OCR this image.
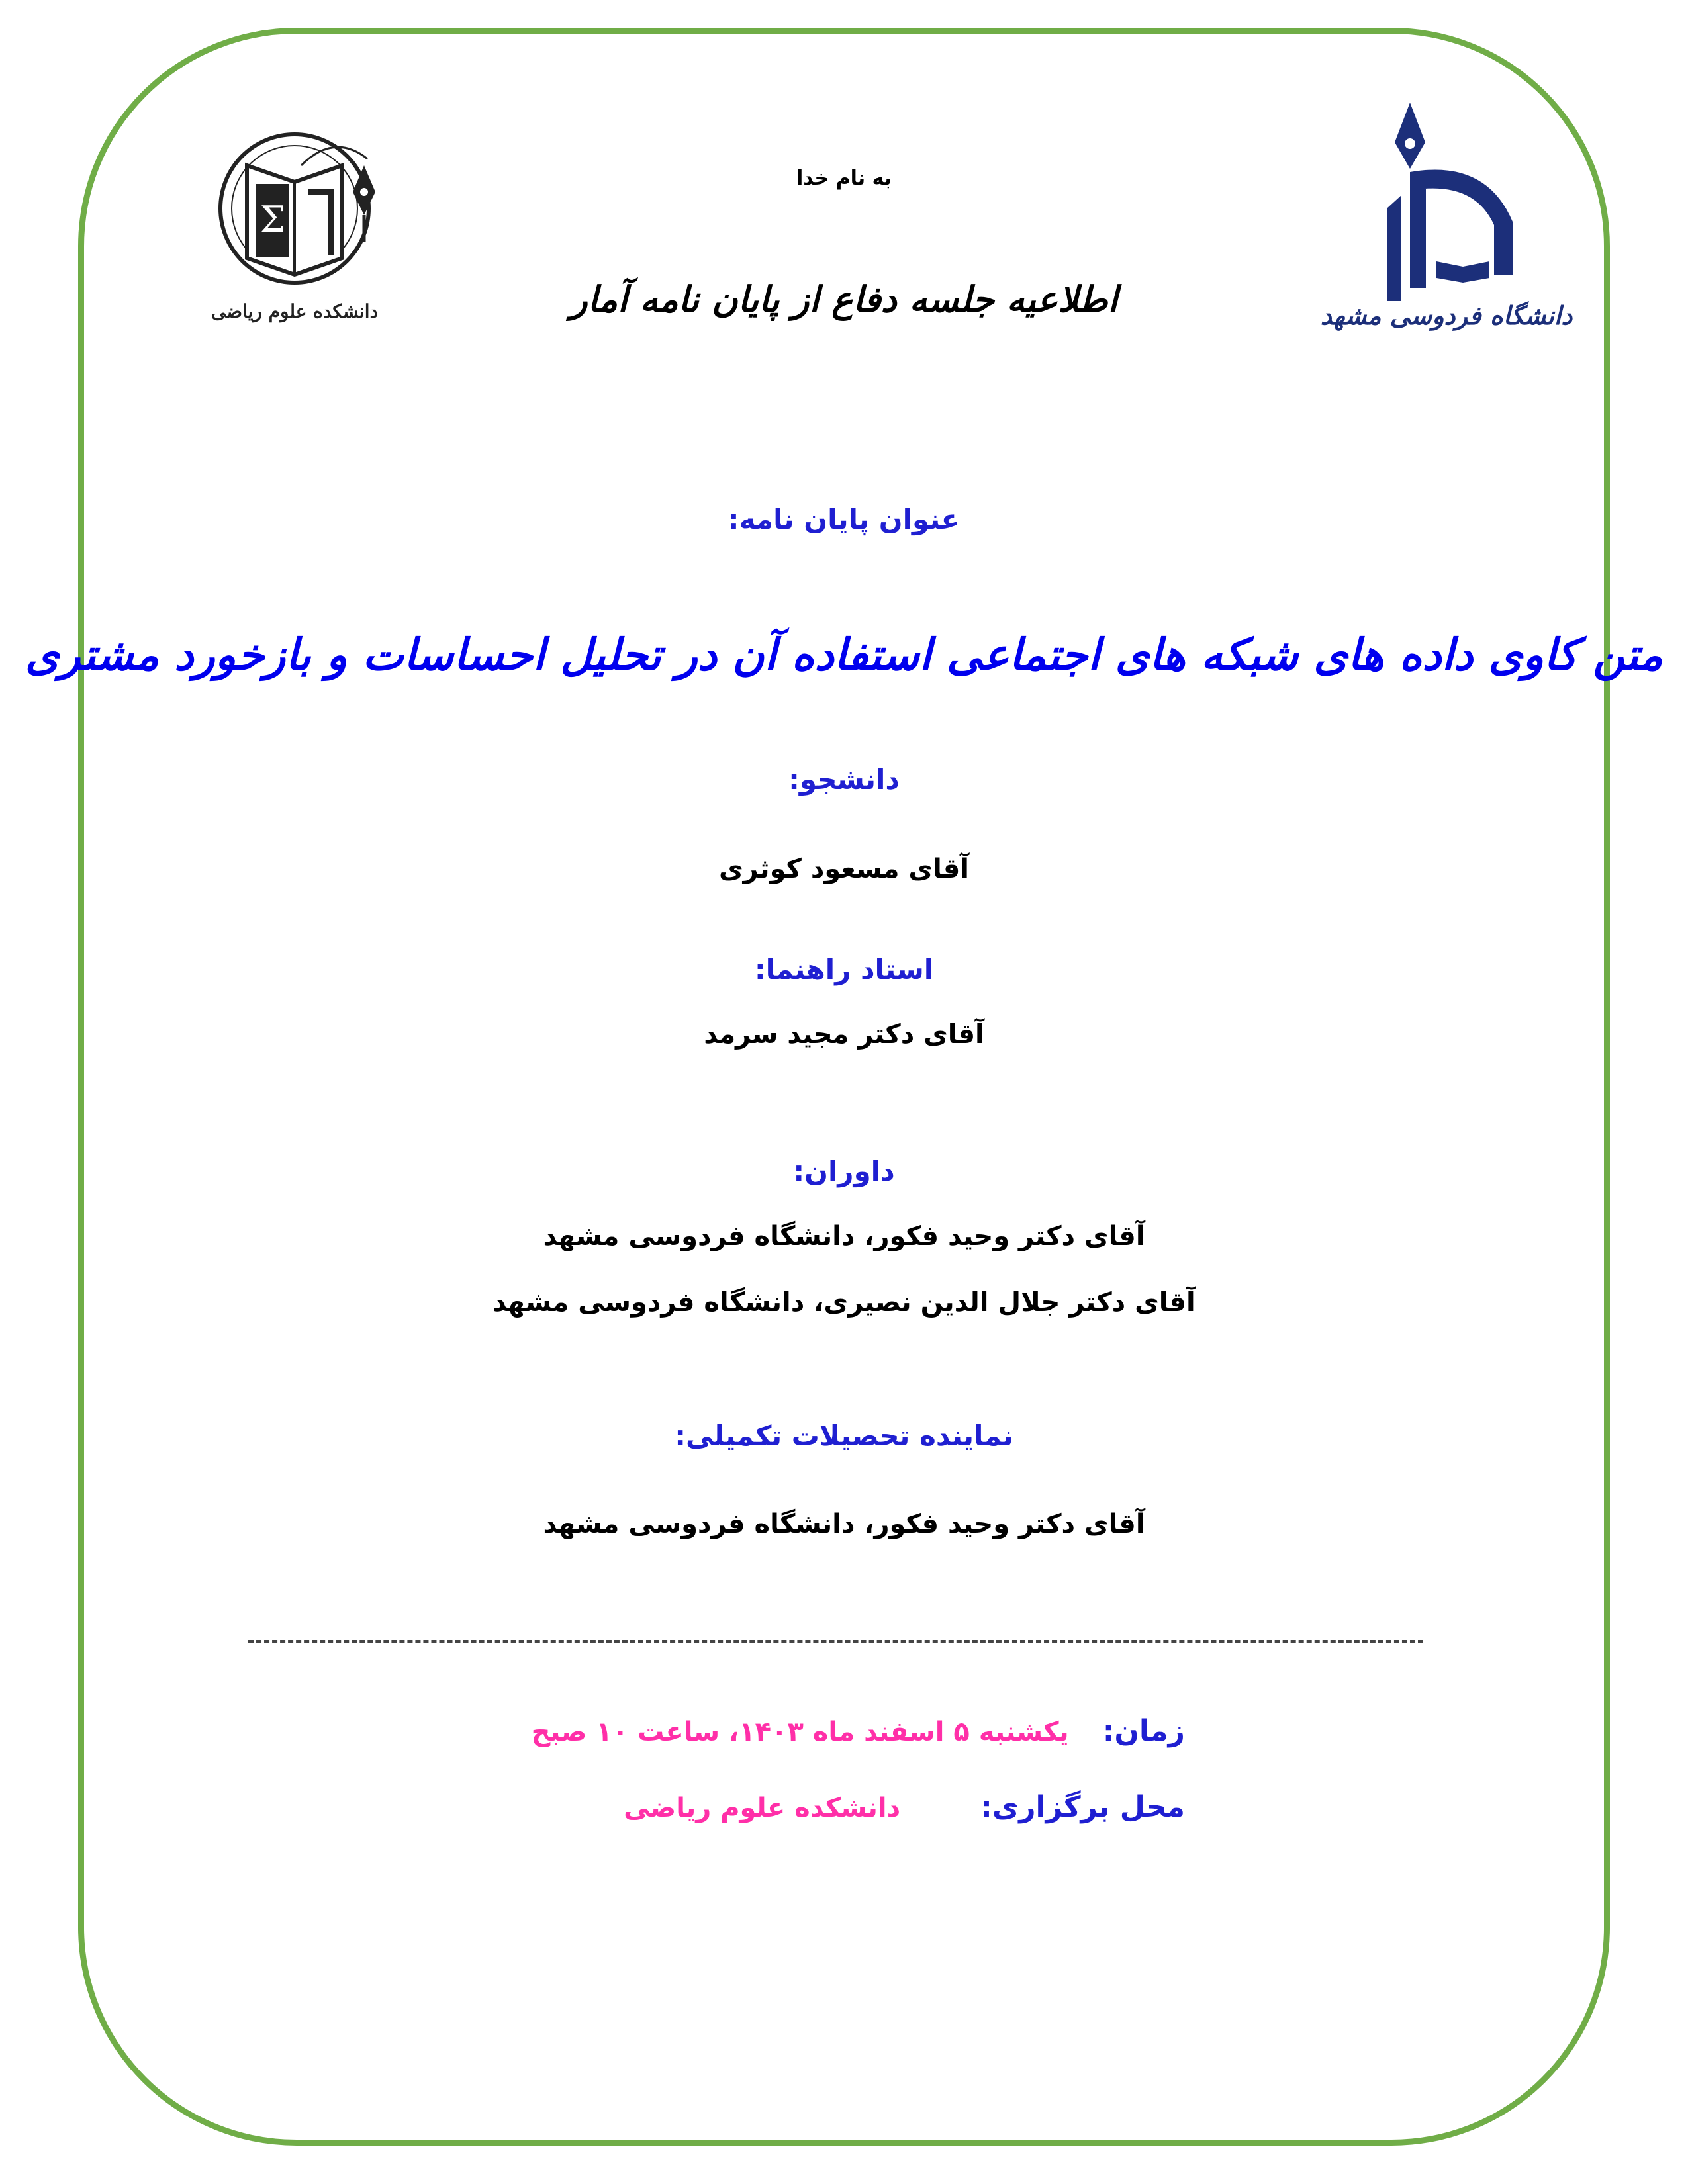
Σ
دانشکده علوم ریاضی	دانشگاه فردوسی مشهد
به نام خدا
اطلاعیه جلسه دفاع از پایان نامه آمار
عنوان پایان نامه:
متن کاوی داده های شبکه های اجتماعی استفاده آن در تحلیل احساسات و بازخورد مشتری
دانشجو:
آقای مسعود کوثری
استاد راهنما:
آقای دکتر مجید سرمد
داوران:
آقای دکتر وحید فکور، دانشگاه فردوسی مشهد
آقای دکتر جلال الدین نصیری، دانشگاه فردوسی مشهد
نماینده تحصیلات تکمیلی:
آقای دکتر وحید فکور، دانشگاه فردوسی مشهد
زمان:  یکشنبه ۵ اسفند ماه ۱۴۰۳، ساعت ۱۰ صبح
محل برگزاری:  دانشکده علوم ریاضی
